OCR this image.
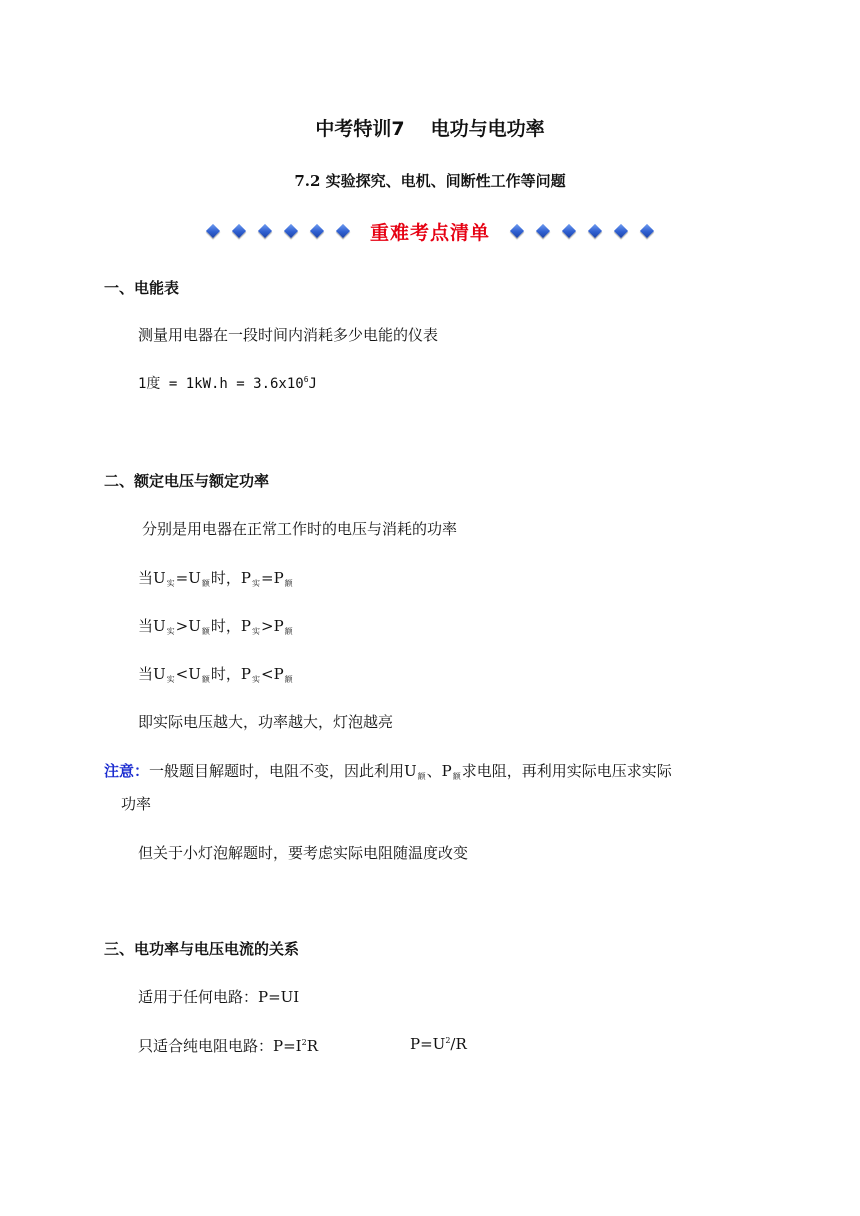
中考特训7 电功与电功率
7.2 实验探究、电机、间断性工作等问题
重难考点清单
一、电能表
测量用电器在一段时间内消耗多少电能的仪表
1度 = $1kW.h = 3.6x10^6J$
二、额定电压与额定功率
分别是用电器在正常工作时的电压与消耗的功率
当$U_实=U_额$时，$P_实=P_额$
当$U_实>U_额$时，$P_实>P_额$
当$U_实<U_额$时，$P_实<P_额$
即实际电压越大，功率越大，灯泡越亮
注意：一般题目解题时，电阻不变，因此利用$U_额$、$P_额$求电阻，再利用实际电压求实际
功率
但关于小灯泡解题时，要考虑实际电阻随温度改变
三、电功率与电压电流的关系
适用于任何电路：P=UI
只适合纯电阻电路：$P=I^2R$	$P=U^2/R$
